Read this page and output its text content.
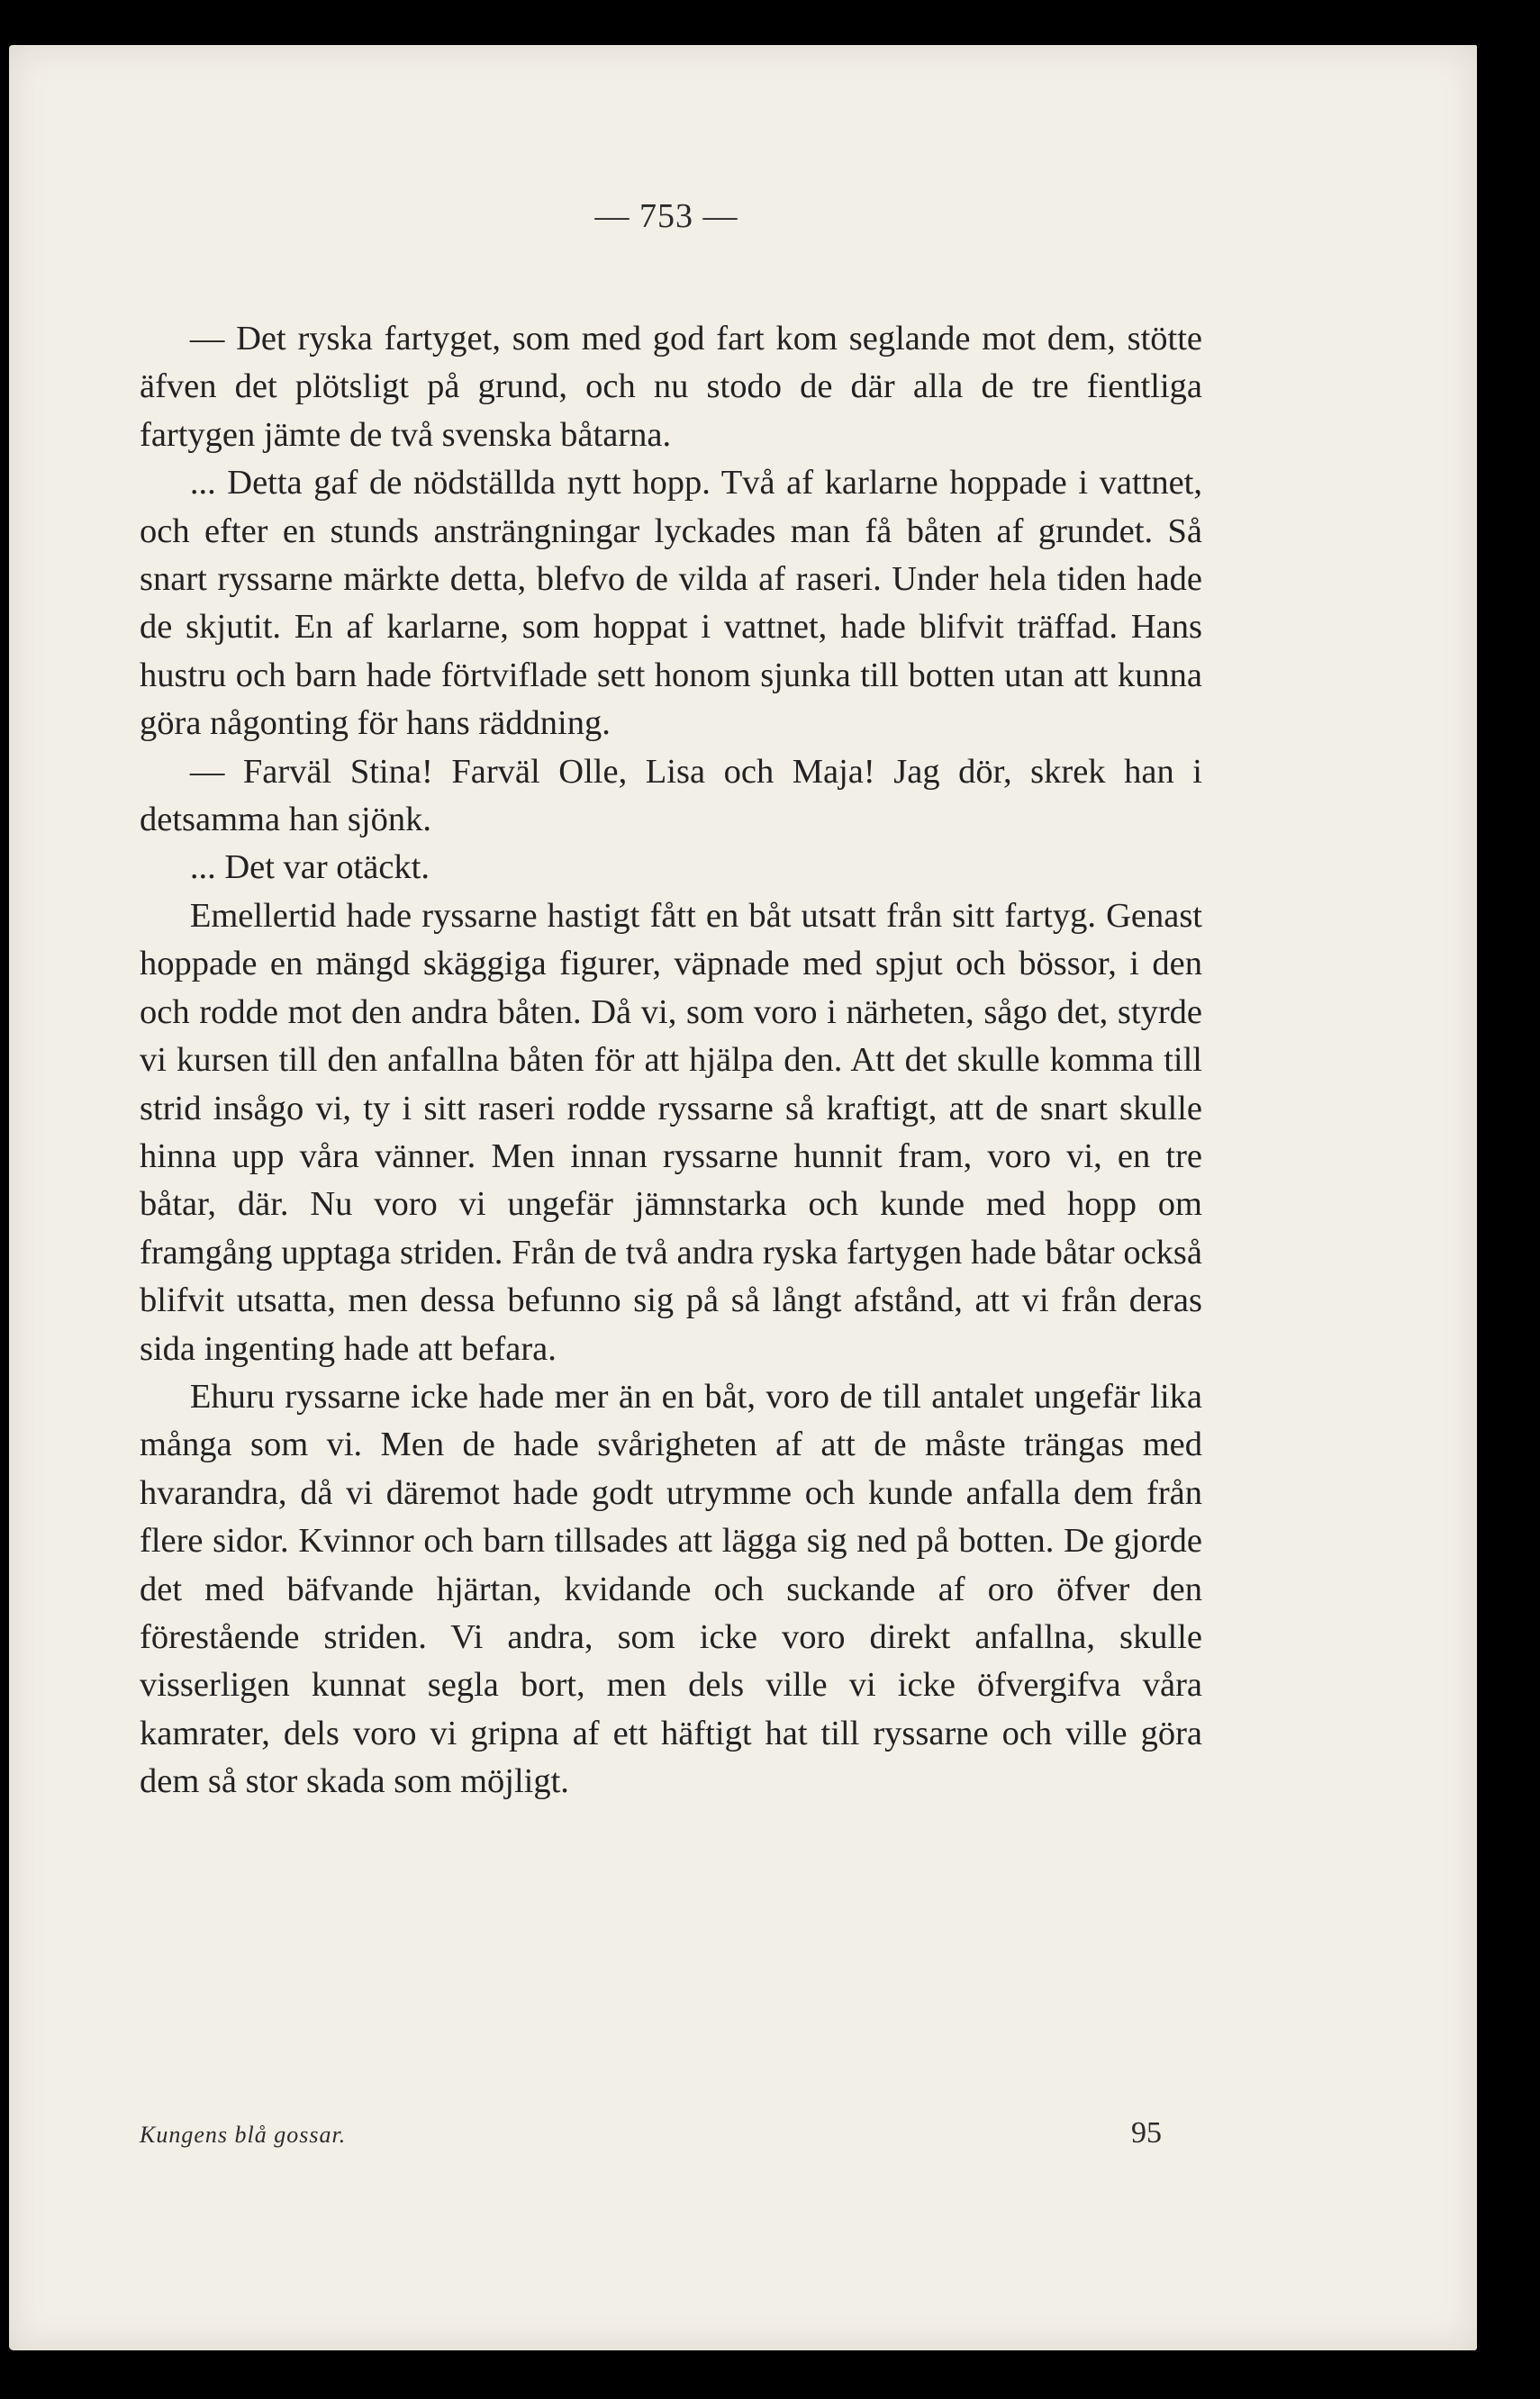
— 753 —

— Det ryska fartyget, som med god fart kom seglande mot dem, stötte äfven det plötsligt på grund, och nu stodo de där alla de tre fientliga fartygen jämte de två svenska båtarna.

... Detta gaf de nödställda nytt hopp. Två af karlarne hoppade i vattnet, och efter en stunds ansträngningar lyckades man få båten af grundet. Så snart ryssarne märkte detta, blefvo de vilda af raseri. Under hela tiden hade de skjutit. En af karlarne, som hoppat i vattnet, hade blifvit träffad. Hans hustru och barn hade förtviflade sett honom sjunka till botten utan att kunna göra någonting för hans räddning.

— Farväl Stina! Farväl Olle, Lisa och Maja! Jag dör, skrek han i detsamma han sjönk.

... Det var otäckt.

Emellertid hade ryssarne hastigt fått en båt utsatt från sitt fartyg. Genast hoppade en mängd skäggiga figurer, väpnade med spjut och bössor, i den och rodde mot den andra båten. Då vi, som voro i närheten, sågo det, styrde vi kursen till den anfallna båten för att hjälpa den. Att det skulle komma till strid insågo vi, ty i sitt raseri rodde ryssarne så kraftigt, att de snart skulle hinna upp våra vänner. Men innan ryssarne hunnit fram, voro vi, en tre båtar, där. Nu voro vi ungefär jämnstarka och kunde med hopp om framgång upptaga striden. Från de två andra ryska fartygen hade båtar också blifvit utsatta, men dessa befunno sig på så långt afstånd, att vi från deras sida ingenting hade att befara.

Ehuru ryssarne icke hade mer än en båt, voro de till antalet ungefär lika många som vi. Men de hade svårigheten af att de måste trängas med hvarandra, då vi däremot hade godt utrymme och kunde anfalla dem från flere sidor. Kvinnor och barn tillsades att lägga sig ned på botten. De gjorde det med bäfvande hjärtan, kvidande och suckande af oro öfver den förestående striden. Vi andra, som icke voro direkt anfallna, skulle visserligen kunnat segla bort, men dels ville vi icke öfvergifva våra kamrater, dels voro vi gripna af ett häftigt hat till ryssarne och ville göra dem så stor skada som möjligt.

Kungens blå gossar.	95
